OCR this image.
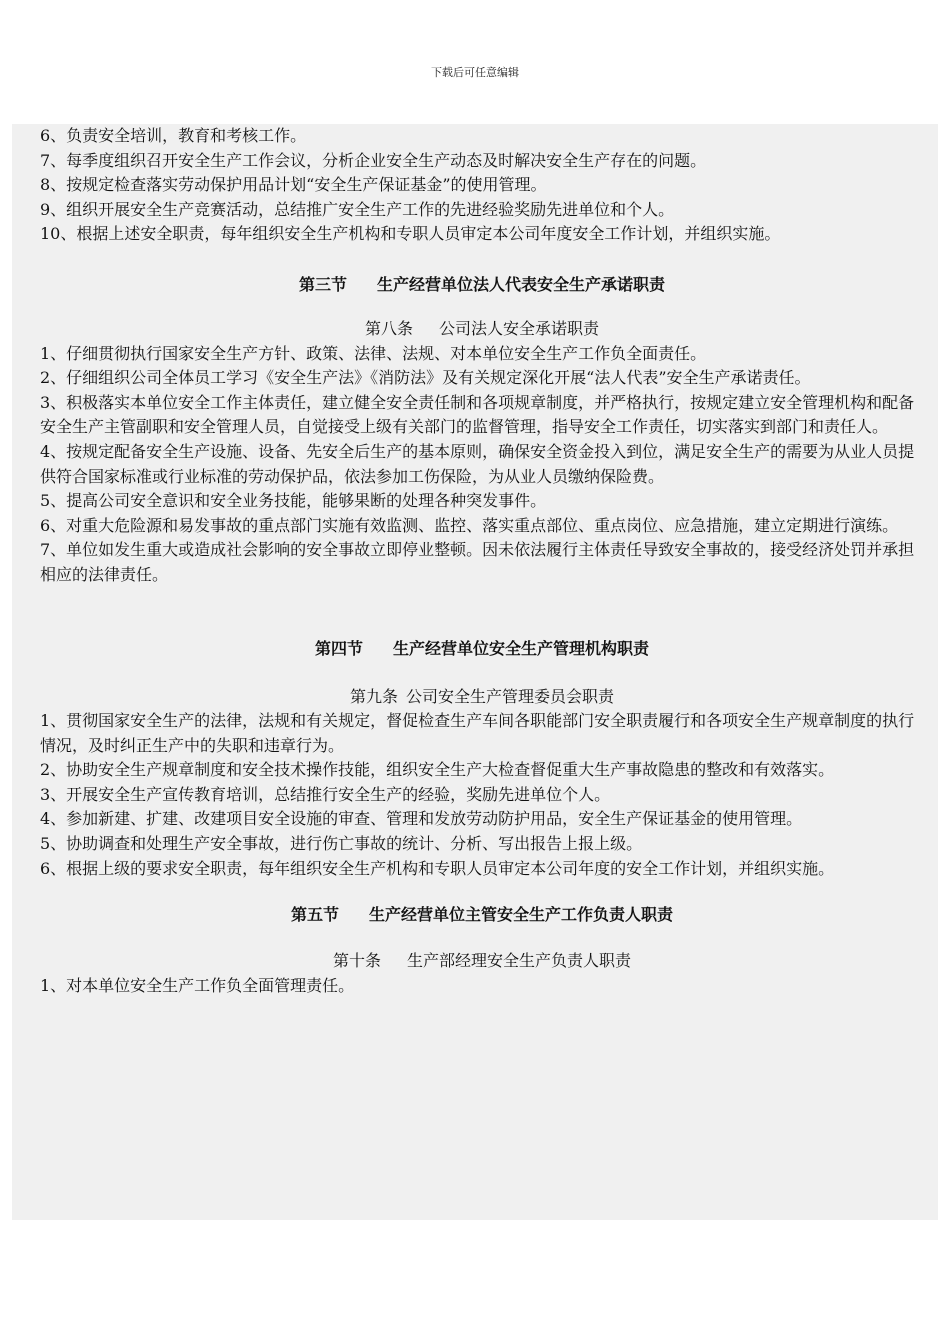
下载后可任意编辑

6、负责安全培训，教育和考核工作。

7、每季度组织召开安全生产工作会议，分析企业安全生产动态及时解决安全生产存在的问题。

8、按规定检查落实劳动保护用品计划“安全生产保证基金”的使用管理。

9、组织开展安全生产竞赛活动，总结推广安全生产工作的先进经验奖励先进单位和个人。

10、根据上述安全职责，每年组织安全生产机构和专职人员审定本公司年度安全工作计划，并组织实施。

第三节 生产经营单位法人代表安全生产承诺职责

第八条 公司法人安全承诺职责

1、仔细贯彻执行国家安全生产方针、政策、法律、法规、对本单位安全生产工作负全面责任。

2、仔细组织公司全体员工学习《安全生产法》《消防法》及有关规定深化开展“法人代表”安全生产承诺责任。

3、积极落实本单位安全工作主体责任，建立健全安全责任制和各项规章制度，并严格执行，按规定建立安全管理机构和配备安全生产主管副职和安全管理人员，自觉接受上级有关部门的监督管理，指导安全工作责任，切实落实到部门和责任人。

4、按规定配备安全生产设施、设备、先安全后生产的基本原则，确保安全资金投入到位，满足安全生产的需要为从业人员提供符合国家标准或行业标准的劳动保护品，依法参加工伤保险，为从业人员缴纳保险费。

5、提高公司安全意识和安全业务技能，能够果断的处理各种突发事件。

6、对重大危险源和易发事故的重点部门实施有效监测、监控、落实重点部位、重点岗位、应急措施，建立定期进行演练。

7、单位如发生重大或造成社会影响的安全事故立即停业整顿。因未依法履行主体责任导致安全事故的，接受经济处罚并承担相应的法律责任。

第四节 生产经营单位安全生产管理机构职责

第九条 公司安全生产管理委员会职责

1、贯彻国家安全生产的法律，法规和有关规定，督促检查生产车间各职能部门安全职责履行和各项安全生产规章制度的执行情况，及时纠正生产中的失职和违章行为。

2、协助安全生产规章制度和安全技术操作技能，组织安全生产大检查督促重大生产事故隐患的整改和有效落实。

3、开展安全生产宣传教育培训，总结推行安全生产的经验，奖励先进单位个人。

4、参加新建、扩建、改建项目安全设施的审查、管理和发放劳动防护用品，安全生产保证基金的使用管理。

5、协助调查和处理生产安全事故，进行伤亡事故的统计、分析、写出报告上报上级。

6、根据上级的要求安全职责，每年组织安全生产机构和专职人员审定本公司年度的安全工作计划，并组织实施。

第五节 生产经营单位主管安全生产工作负责人职责

第十条 生产部经理安全生产负责人职责

1、对本单位安全生产工作负全面管理责任。
